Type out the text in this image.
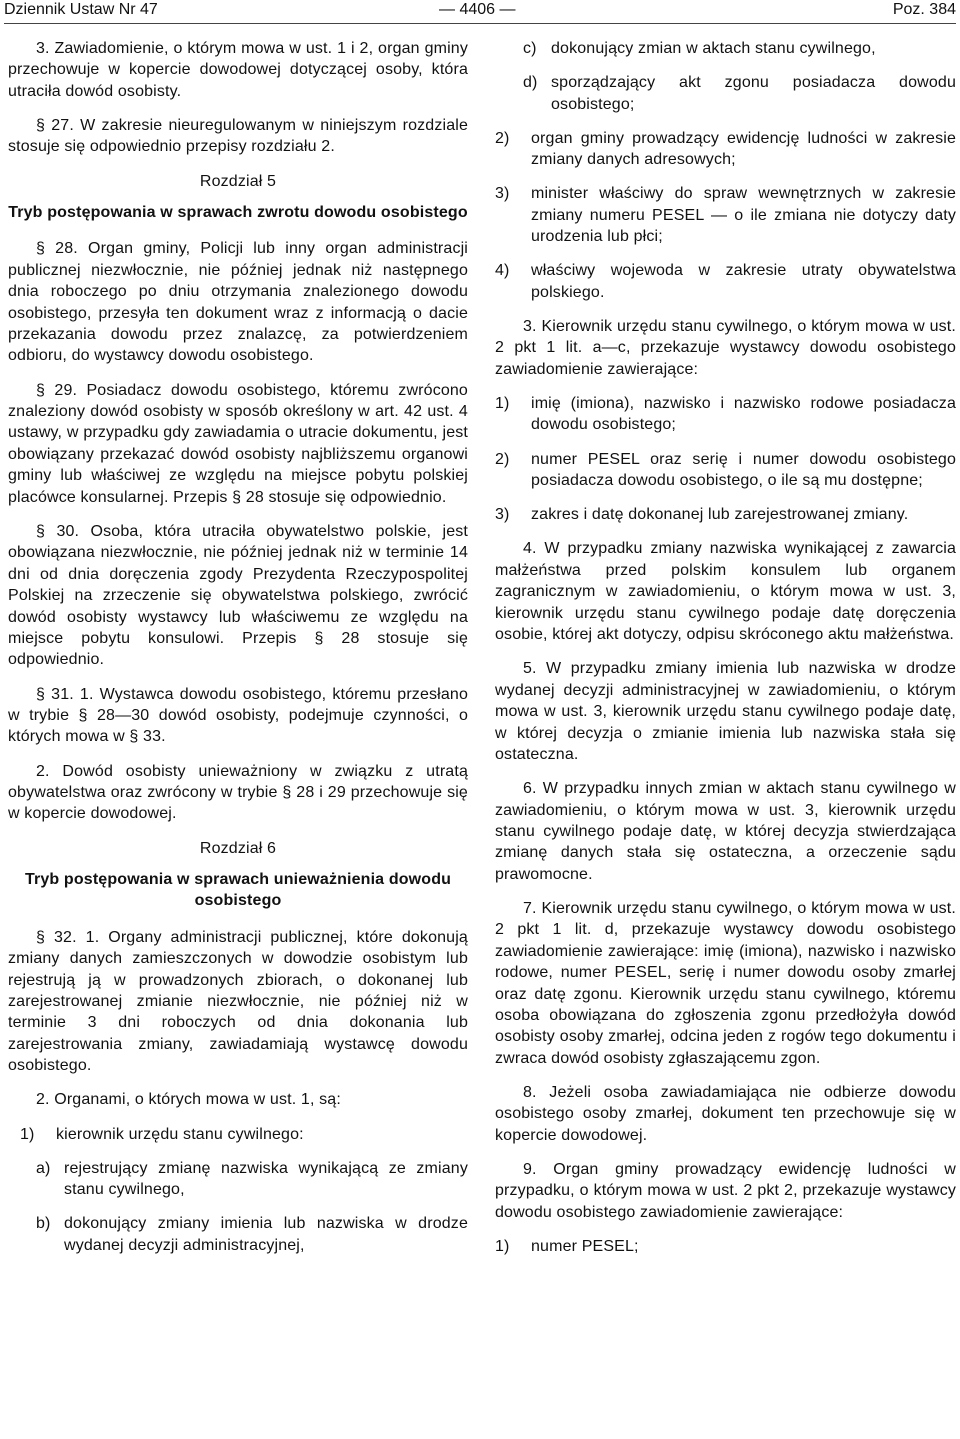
Dziennik Ustaw Nr 47	— 4406 —	Poz. 384

3. Zawiadomienie, o którym mowa w ust. 1 i 2, organ gminy przechowuje w kopercie dowodowej dotyczącej osoby, która utraciła dowód osobisty.

§ 27. W zakresie nieuregulowanym w niniejszym rozdziale stosuje się odpowiednio przepisy rozdziału 2.

Rozdział 5
Tryb postępowania w sprawach zwrotu dowodu osobistego

§ 28. Organ gminy, Policji lub inny organ administracji publicznej niezwłocznie, nie później jednak niż następnego dnia roboczego po dniu otrzymania znalezionego dowodu osobistego, przesyła ten dokument wraz z informacją o dacie przekazania dowodu przez znalazcę, za potwierdzeniem odbioru, do wystawcy dowodu osobistego.

§ 29. Posiadacz dowodu osobistego, któremu zwrócono znaleziony dowód osobisty w sposób określony w art. 42 ust. 4 ustawy, w przypadku gdy zawiadamia o utracie dokumentu, jest obowiązany przekazać dowód osobisty najbliższemu organowi gminy lub właściwej ze względu na miejsce pobytu polskiej placówce konsularnej. Przepis § 28 stosuje się odpowiednio.

§ 30. Osoba, która utraciła obywatelstwo polskie, jest obowiązana niezwłocznie, nie później jednak niż w terminie 14 dni od dnia doręczenia zgody Prezydenta Rzeczypospolitej Polskiej na zrzeczenie się obywatelstwa polskiego, zwrócić dowód osobisty wystawcy lub właściwemu ze względu na miejsce pobytu konsulowi. Przepis § 28 stosuje się odpowiednio.

§ 31. 1. Wystawca dowodu osobistego, któremu przesłano w trybie § 28—30 dowód osobisty, podejmuje czynności, o których mowa w § 33.

2. Dowód osobisty unieważniony w związku z utratą obywatelstwa oraz zwrócony w trybie § 28 i 29 przechowuje się w kopercie dowodowej.

Rozdział 6
Tryb postępowania w sprawach unieważnienia dowodu osobistego

§ 32. 1. Organy administracji publicznej, które dokonują zmiany danych zamieszczonych w dowodzie osobistym lub rejestrują ją w prowadzonych zbiorach, o dokonanej lub zarejestrowanej zmianie niezwłocznie, nie później niż w terminie 3 dni roboczych od dnia dokonania lub zarejestrowania zmiany, zawiadamiają wystawcę dowodu osobistego.

2. Organami, o których mowa w ust. 1, są:

1)	kierownik urzędu stanu cywilnego:
a) rejestrujący zmianę nazwiska wynikającą ze zmiany stanu cywilnego,
b) dokonujący zmiany imienia lub nazwiska w drodze wydanej decyzji administracyjnej,
c) dokonujący zmian w aktach stanu cywilnego,
d) sporządzający akt zgonu posiadacza dowodu osobistego;
2)	organ gminy prowadzący ewidencję ludności w zakresie zmiany danych adresowych;
3)	minister właściwy do spraw wewnętrznych w zakresie zmiany numeru PESEL — o ile zmiana nie dotyczy daty urodzenia lub płci;
4)	właściwy wojewoda w zakresie utraty obywatelstwa polskiego.

3. Kierownik urzędu stanu cywilnego, o którym mowa w ust. 2 pkt 1 lit. a—c, przekazuje wystawcy dowodu osobistego zawiadomienie zawierające:

1)	imię (imiona), nazwisko i nazwisko rodowe posiadacza dowodu osobistego;
2)	numer PESEL oraz serię i numer dowodu osobistego posiadacza dowodu osobistego, o ile są mu dostępne;
3)	zakres i datę dokonanej lub zarejestrowanej zmiany.

4. W przypadku zmiany nazwiska wynikającej z zawarcia małżeństwa przed polskim konsulem lub organem zagranicznym w zawiadomieniu, o którym mowa w ust. 3, kierownik urzędu stanu cywilnego podaje datę doręczenia osobie, której akt dotyczy, odpisu skróconego aktu małżeństwa.

5. W przypadku zmiany imienia lub nazwiska w drodze wydanej decyzji administracyjnej w zawiadomieniu, o którym mowa w ust. 3, kierownik urzędu stanu cywilnego podaje datę, w której decyzja o zmianie imienia lub nazwiska stała się ostateczna.

6. W przypadku innych zmian w aktach stanu cywilnego w zawiadomieniu, o którym mowa w ust. 3, kierownik urzędu stanu cywilnego podaje datę, w której decyzja stwierdzająca zmianę danych stała się ostateczna, a orzeczenie sądu prawomocne.

7. Kierownik urzędu stanu cywilnego, o którym mowa w ust. 2 pkt 1 lit. d, przekazuje wystawcy dowodu osobistego zawiadomienie zawierające: imię (imiona), nazwisko i nazwisko rodowe, numer PESEL, serię i numer dowodu osoby zmarłej oraz datę zgonu. Kierownik urzędu stanu cywilnego, któremu osoba obowiązana do zgłoszenia zgonu przedłożyła dowód osobisty osoby zmarłej, odcina jeden z rogów tego dokumentu i zwraca dowód osobisty zgłaszającemu zgon.

8. Jeżeli osoba zawiadamiająca nie odbierze dowodu osobistego osoby zmarłej, dokument ten przechowuje się w kopercie dowodowej.

9. Organ gminy prowadzący ewidencję ludności w przypadku, o którym mowa w ust. 2 pkt 2, przekazuje wystawcy dowodu osobistego zawiadomienie zawierające:

1)	numer PESEL;
